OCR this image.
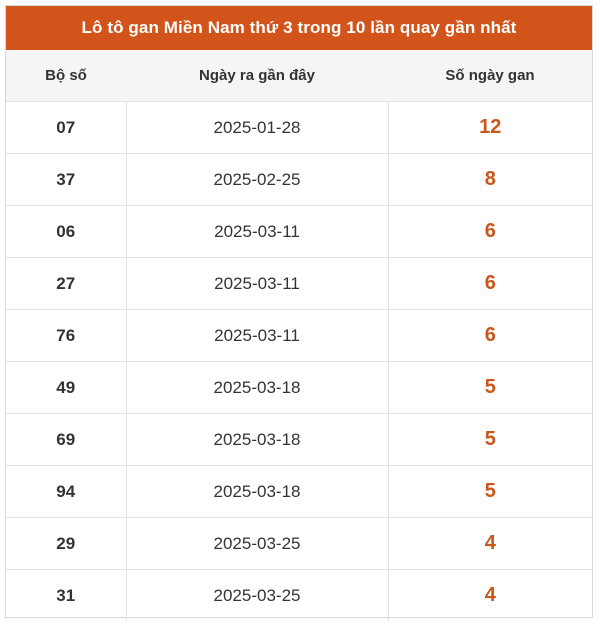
Lô tô gan Miền Nam thứ 3 trong 10 lần quay gần nhất
Bộ số	Ngày ra gần đây	Số ngày gan
07	2025-01-28	12
37	2025-02-25	8
06	2025-03-11	6
27	2025-03-11	6
76	2025-03-11	6
49	2025-03-18	5
69	2025-03-18	5
94	2025-03-18	5
29	2025-03-25	4
31	2025-03-25	4
